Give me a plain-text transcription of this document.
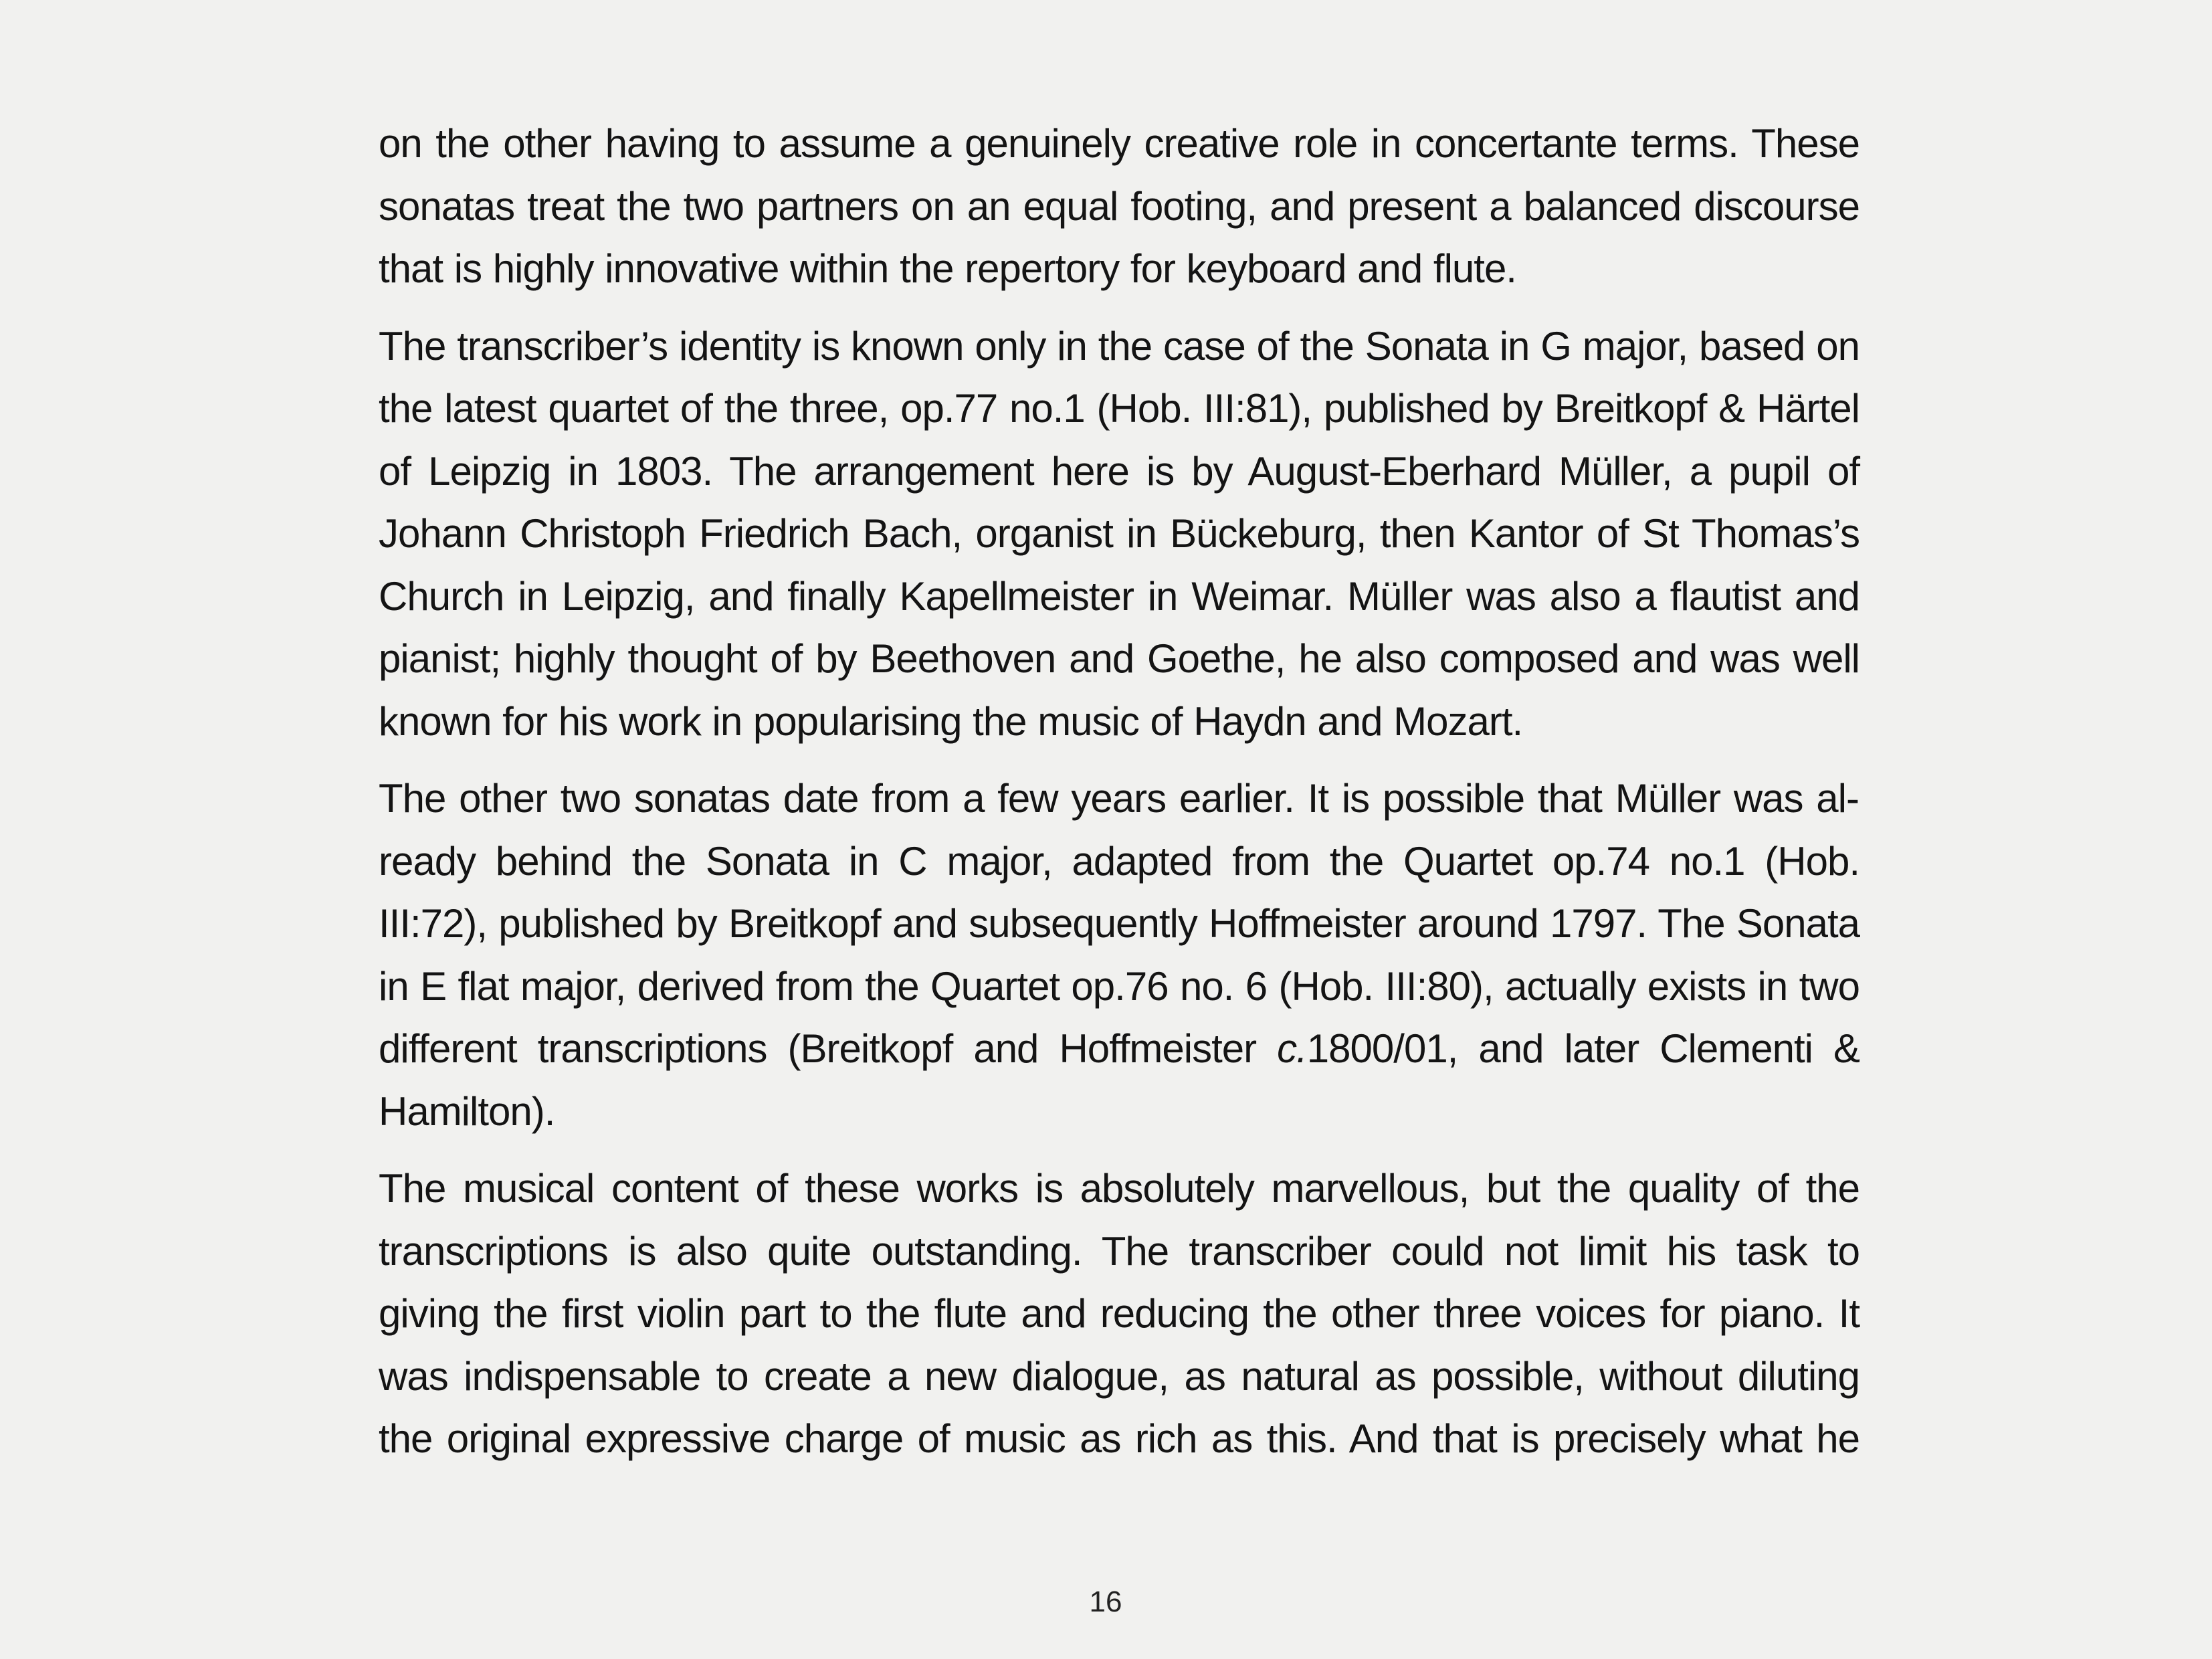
on the other having to assume a genuinely creative role in concertante terms. These sonatas treat the two partners on an equal footing, and present a balanced discourse that is highly innovative within the repertory for keyboard and flute.

The transcriber’s identity is known only in the case of the Sonata in G major, based on the latest quartet of the three, op.77 no.1 (Hob. III:81), published by Breitkopf & Härtel of Leipzig in 1803. The arrangement here is by August-Eberhard Müller, a pupil of Johann Christoph Friedrich Bach, organist in Bückeburg, then Kantor of St Thomas’s Church in Leipzig, and finally Kapellmeister in Weimar. Müller was also a flautist and pianist; highly thought of by Beethoven and Goethe, he also composed and was well known for his work in popularising the music of Haydn and Mozart.

The other two sonatas date from a few years earlier. It is possible that Müller was already behind the Sonata in C major, adapted from the Quartet op.74 no.1 (Hob. III:72), published by Breitkopf and subsequently Hoffmeister around 1797. The Sonata in E flat major, derived from the Quartet op.76 no. 6 (Hob. III:80), actually exists in two different transcriptions (Breitkopf and Hoffmeister c.1800/01, and later Clementi & Hamilton).

The musical content of these works is absolutely marvellous, but the quality of the transcriptions is also quite outstanding. The transcriber could not limit his task to giving the first violin part to the flute and reducing the other three voices for piano. It was indispensable to create a new dialogue, as natural as possible, without diluting the original expressive charge of music as rich as this. And that is precisely what he

16
